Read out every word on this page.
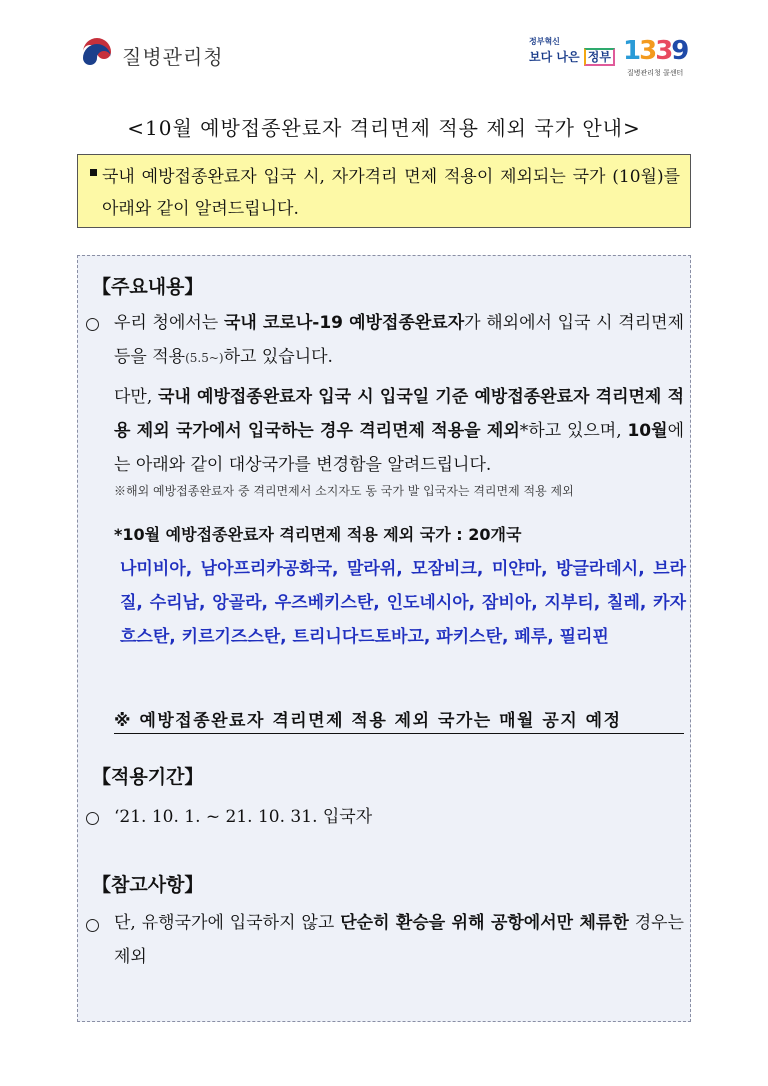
질병관리청
정부혁신
보다 나은 정부 1339
질병관리청 콜센터
<10월 예방접종완료자 격리면제 적용 제외 국가 안내>
국내 예방접종완료자 입국 시, 자가격리 면제 적용이 제외되는 국가 (10월)를 아래와 같이 알려드립니다.
【주요내용】
우리 청에서는 국내 코로나-19 예방접종완료자가 해외에서 입국 시 격리면제 등을 적용(5.5~)하고 있습니다.
다만, 국내 예방접종완료자 입국 시 입국일 기준 예방접종완료자 격리면제 적용 제외 국가에서 입국하는 경우 격리면제 적용을 제외*하고 있으며, 10월에는 아래와 같이 대상국가를 변경함을 알려드립니다.
※해외 예방접종완료자 중 격리면제서 소지자도 동 국가 발 입국자는 격리면제 적용 제외
*10월 예방접종완료자 격리면제 적용 제외 국가 : 20개국
나미비아, 남아프리카공화국, 말라위, 모잠비크, 미얀마, 방글라데시, 브라질, 수리남, 앙골라, 우즈베키스탄, 인도네시아, 잠비아, 지부티, 칠레, 카자흐스탄, 키르기즈스탄, 트리니다드토바고, 파키스탄, 페루, 필리핀
※ 예방접종완료자 격리면제 적용 제외 국가는 매월 공지 예정
【적용기간】
‘21. 10. 1. ~ 21. 10. 31. 입국자
【참고사항】
단, 유행국가에 입국하지 않고 단순히 환승을 위해 공항에서만 체류한 경우는 제외
